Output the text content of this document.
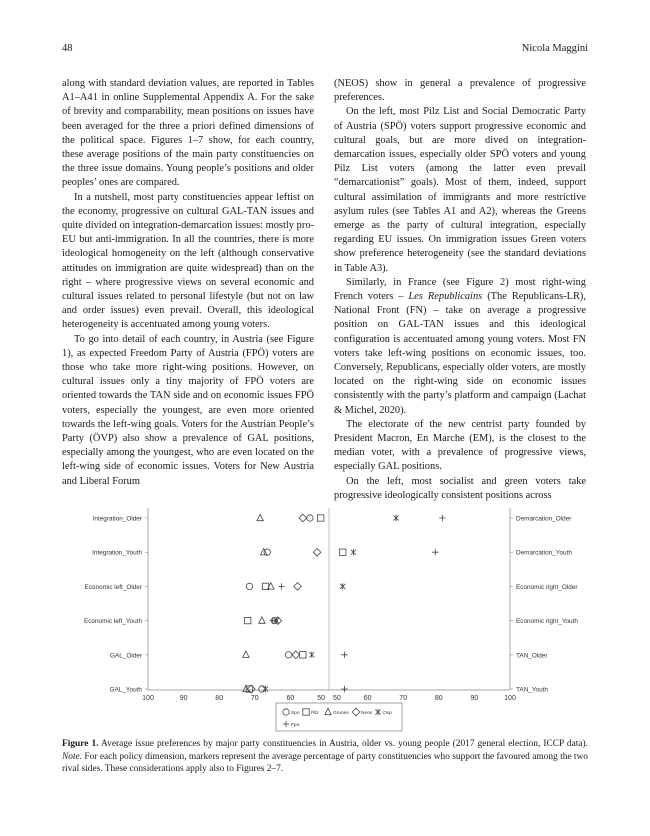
48	Nicola Maggini

along with standard deviation values, are reported in Tables A1–A41 in online Supplemental Appendix A. For the sake of brevity and comparability, mean positions on issues have been averaged for the three a priori defined dimensions of the political space. Figures 1–7 show, for each country, these average positions of the main party constituencies on the three issue domains. Young people’s positions and older peoples’ ones are compared.

In a nutshell, most party constituencies appear leftist on the economy, progressive on cultural GAL-TAN issues and quite divided on integration-demarcation issues: mostly pro-EU but anti-immigration. In all the countries, there is more ideological homogeneity on the left (although conservative attitudes on immigration are quite widespread) than on the right – where progressive views on several economic and cultural issues related to personal lifestyle (but not on law and order issues) even prevail. Overall, this ideological heterogeneity is accentuated among young voters.

To go into detail of each country, in Austria (see Figure 1), as expected Freedom Party of Austria (FPÖ) voters are those who take more right-wing positions. However, on cultural issues only a tiny majority of FPÖ voters are oriented towards the TAN side and on economic issues FPÖ voters, especially the youngest, are even more oriented towards the left-wing goals. Voters for the Austrian People’s Party (ÖVP) also show a prevalence of GAL positions, especially among the youngest, who are even located on the left-wing side of economic issues. Voters for New Austria and Liberal Forum

(NEOS) show in general a prevalence of progressive preferences.

On the left, most Pilz List and Social Democratic Party of Austria (SPÖ) voters support progressive economic and cultural goals, but are more dived on integration-demarcation issues, especially older SPÖ voters and young Pilz List voters (among the latter even prevail “demarcationist” goals). Most of them, indeed, support cultural assimilation of immigrants and more restrictive asylum rules (see Tables A1 and A2), whereas the Greens emerge as the party of cultural integration, especially regarding EU issues. On immigration issues Green voters show preference heterogeneity (see the standard deviations in Table A3).

Similarly, in France (see Figure 2) most right-wing French voters – Les Republicains (The Republicans-LR), National Front (FN) – take on average a progressive position on GAL-TAN issues and this ideological configuration is accentuated among young voters. Most FN voters take left-wing positions on economic issues, too. Conversely, Republicans, especially older voters, are mostly located on the right-wing side on economic issues consistently with the party’s platform and campaign (Lachat & Michel, 2020).

The electorate of the new centrist party founded by President Macron, En Marche (EM), is the closest to the median voter, with a prevalence of progressive views, especially GAL positions.

On the left, most socialist and green voters take progressive ideologically consistent positions across

Integration_Older
Integration_Youth
Economic left_Older
Economic left_Youth
GAL_Older
GAL_Youth
Demarcation_Older
Demarcation_Youth
Economic right_Older
Economic right_Youth
TAN_Older
TAN_Youth
100	90	80	70	60	50 50	60	70	80	90	100
Spo Pilz	Grunes	Neos Ovp
Fpo
Figure 1. Average issue preferences by major party constituencies in Austria, older vs. young people (2017 general election, ICCP data). Note. For each policy dimension, markers represent the average percentage of party constituencies who support the favoured among the two rival sides. These considerations apply also to Figures 2–7.
